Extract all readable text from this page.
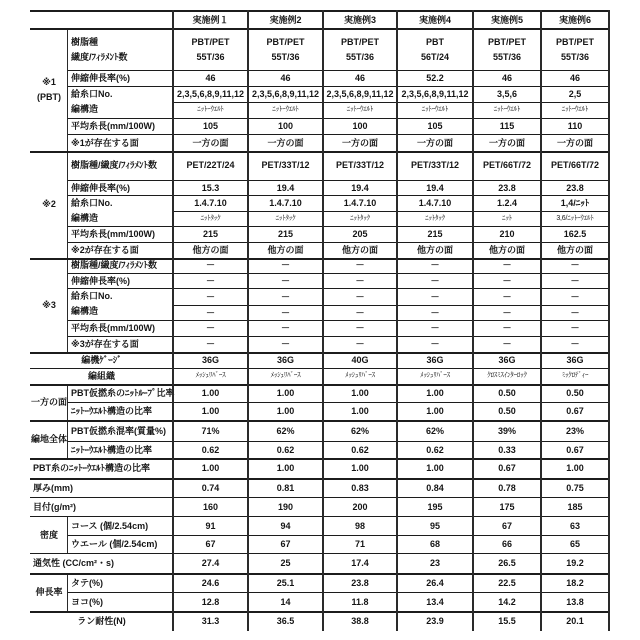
実施例１	実施例2	実施例3	実施例4	実施例5	実施例6
※1
(PBT)
樹脂種
繊度/ﾌｨﾗﾒﾝﾄ数
PBT/PET
55T/36
PBT/PET
55T/36
PBT/PET
55T/36
PBT
56T/24
PBT/PET
55T/36
PBT/PET
55T/36
伸縮伸長率(%)	46	46	46	52.2	46	46
給糸口No.
編構造
2,3,5,6,8,9,11,12 2,3,5,6,8,9,11,12 2,3,5,6,8,9,11,12 2,3,5,6,8,9,11,12	3,5,6	2,5
ﾆｯﾄｰｳｴﾙﾄ	ﾆｯﾄｰｳｴﾙﾄ	ﾆｯﾄｰｳｴﾙﾄ	ﾆｯﾄｰｳｴﾙﾄ	ﾆｯﾄｰｳｴﾙﾄ	ﾆｯﾄｰｳｴﾙﾄ
平均糸長(mm/100W)	105	100	100	105	115	110
※1が存在する面	一方の面	一方の面	一方の面	一方の面	一方の面	一方の面
※2
樹脂種/繊度/ﾌｨﾗﾒﾝﾄ数	PET/22T/24	PET/33T/12	PET/33T/12	PET/33T/12	PET/66T/72 PET/66T/72
伸縮伸長率(%)	15.3	19.4	19.4	19.4	23.8	23.8
給糸口No.
編構造
1.4.7.10	1.4.7.10	1.4.7.10	1.4.7.10	1.2.4	1,4/ﾆｯﾄ
ﾆｯﾄﾀｯｸ	ﾆｯﾄﾀｯｸ	ﾆｯﾄﾀｯｸ	ﾆｯﾄﾀｯｸ	ﾆｯﾄ	3,6/ﾆｯﾄｰｳｴﾙﾄ
平均糸長(mm/100W)	215	215	205	215	210	162.5
※2が存在する面	他方の面	他方の面	他方の面	他方の面	他方の面	他方の面
※3
樹脂種/繊度/ﾌｨﾗﾒﾝﾄ数	－	－	－	－	－	－
伸縮伸長率(%)	－	－	－	－	－	－
給糸口No.
編構造
－	－	－	－	－	－
－	－	－	－	－	－
平均糸長(mm/100W)	－	－	－	－	－	－
※3が存在する面	－	－	－	－	－	－
編機ｹﾞｰｼﾞ	36G	36G	40G	36G	36G	36G
編組織	ﾒｯｼｭﾘﾊﾞｰｽ	ﾒｯｼｭﾘﾊﾞｰｽ	ﾒｯｼｭﾘﾊﾞｰｽ	ﾒｯｼｭﾘﾊﾞｰｽ	ｸﾛｽﾐｽｲﾝﾀｰﾛｯｸ	ﾐｯｸﾛﾃﾞｨｰ
一方の面
PBT仮撚糸のﾆｯﾄﾙｰﾌﾟ比率	1.00	1.00	1.00	1.00	0.50	0.50
ﾆｯﾄｰｳｴﾙﾄ構造の比率	1.00	1.00	1.00	1.00	0.50	0.67
編地全体
PBT仮撚糸混率(質量%)	71%	62%	62%	62%	39%	23%
ﾆｯﾄｰｳｴﾙﾄ構造の比率	0.62	0.62	0.62	0.62	0.33	0.67
PBT糸のﾆｯﾄｰｳｴﾙﾄ構造の比率	1.00	1.00	1.00	1.00	0.67	1.00
厚み(mm)	0.74	0.81	0.83	0.84	0.78	0.75
目付(g/m²)	160	190	200	195	175	185
密度
コース (個/2.54cm)	91	94	98	95	67	63
ウエール (個/2.54cm)	67	67	71	68	66	65
通気性 (CC/cm²・s)	27.4	25	17.4	23	26.5	19.2
伸長率
タテ(%)	24.6	25.1	23.8	26.4	22.5	18.2
ヨコ(%)	12.8	14	11.8	13.4	14.2	13.8
ラン耐性(N)	31.3	36.5	38.8	23.9	15.5	20.1
